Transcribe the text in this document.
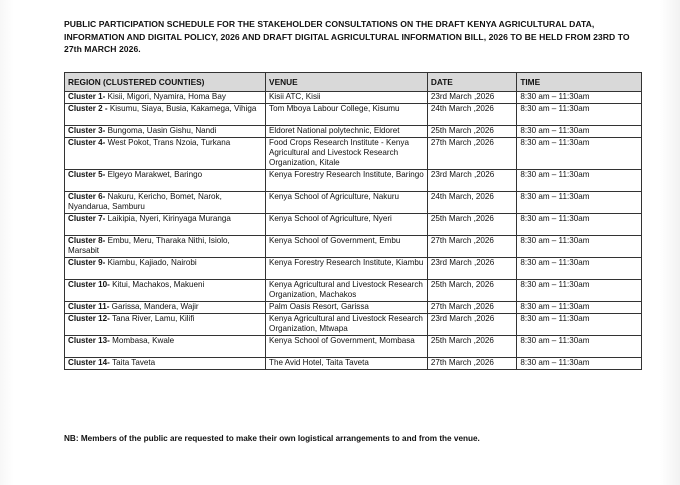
PUBLIC PARTICIPATION SCHEDULE FOR THE STAKEHOLDER CONSULTATIONS ON THE DRAFT KENYA AGRICULTURAL DATA, INFORMATION AND DIGITAL POLICY, 2026 AND DRAFT DIGITAL AGRICULTURAL INFORMATION BILL, 2026 TO BE HELD FROM 23RD TO 27th MARCH 2026.
REGION (CLUSTERED COUNTIES)	VENUE	DATE	TIME
Cluster 1- Kisii, Migori, Nyamira, Homa Bay	Kisii ATC, Kisii	23rd March ,2026	8:30 am – 11:30am
Cluster 2 - Kisumu, Siaya, Busia, Kakamega, Vihiga	Tom Mboya Labour College, Kisumu	24th March ,2026	8:30 am – 11:30am
Cluster 3- Bungoma, Uasin Gishu, Nandi	Eldoret National polytechnic, Eldoret	25th March ,2026	8:30 am – 11:30am
Cluster 4- West Pokot, Trans Nzoia, Turkana	Food Crops Research Institute - Kenya Agricultural and Livestock Research Organization, Kitale	27th March ,2026	8:30 am – 11:30am
Cluster 5- Elgeyo Marakwet, Baringo	Kenya Forestry Research Institute, Baringo	23rd March ,2026	8:30 am – 11:30am
Cluster 6- Nakuru, Kericho, Bomet, Narok, Nyandarua, Samburu	Kenya School of Agriculture, Nakuru	24th March, 2026	8:30 am – 11:30am
Cluster 7- Laikipia, Nyeri, Kirinyaga Muranga	Kenya School of Agriculture, Nyeri	25th March ,2026	8:30 am – 11:30am
Cluster 8- Embu, Meru, Tharaka Nithi, Isiolo, Marsabit	Kenya School of Government, Embu	27th March ,2026	8:30 am – 11:30am
Cluster 9- Kiambu, Kajiado, Nairobi	Kenya Forestry Research Institute, Kiambu	23rd March ,2026	8:30 am – 11:30am
Cluster 10- Kitui, Machakos, Makueni	Kenya Agricultural and Livestock Research Organization, Machakos	25th March, 2026	8:30 am – 11:30am
Cluster 11- Garissa, Mandera, Wajir	Palm Oasis Resort, Garissa	27th March ,2026	8:30 am – 11:30am
Cluster 12- Tana River, Lamu, Kilifi	Kenya Agricultural and Livestock Research Organization, Mtwapa	23rd March ,2026	8:30 am – 11:30am
Cluster 13- Mombasa, Kwale	Kenya School of Government, Mombasa	25th March ,2026	8:30 am – 11:30am
Cluster 14- Taita Taveta	The Avid Hotel, Taita Taveta	27th March ,2026	8:30 am – 11:30am
NB: Members of the public are requested to make their own logistical arrangements to and from the venue.
